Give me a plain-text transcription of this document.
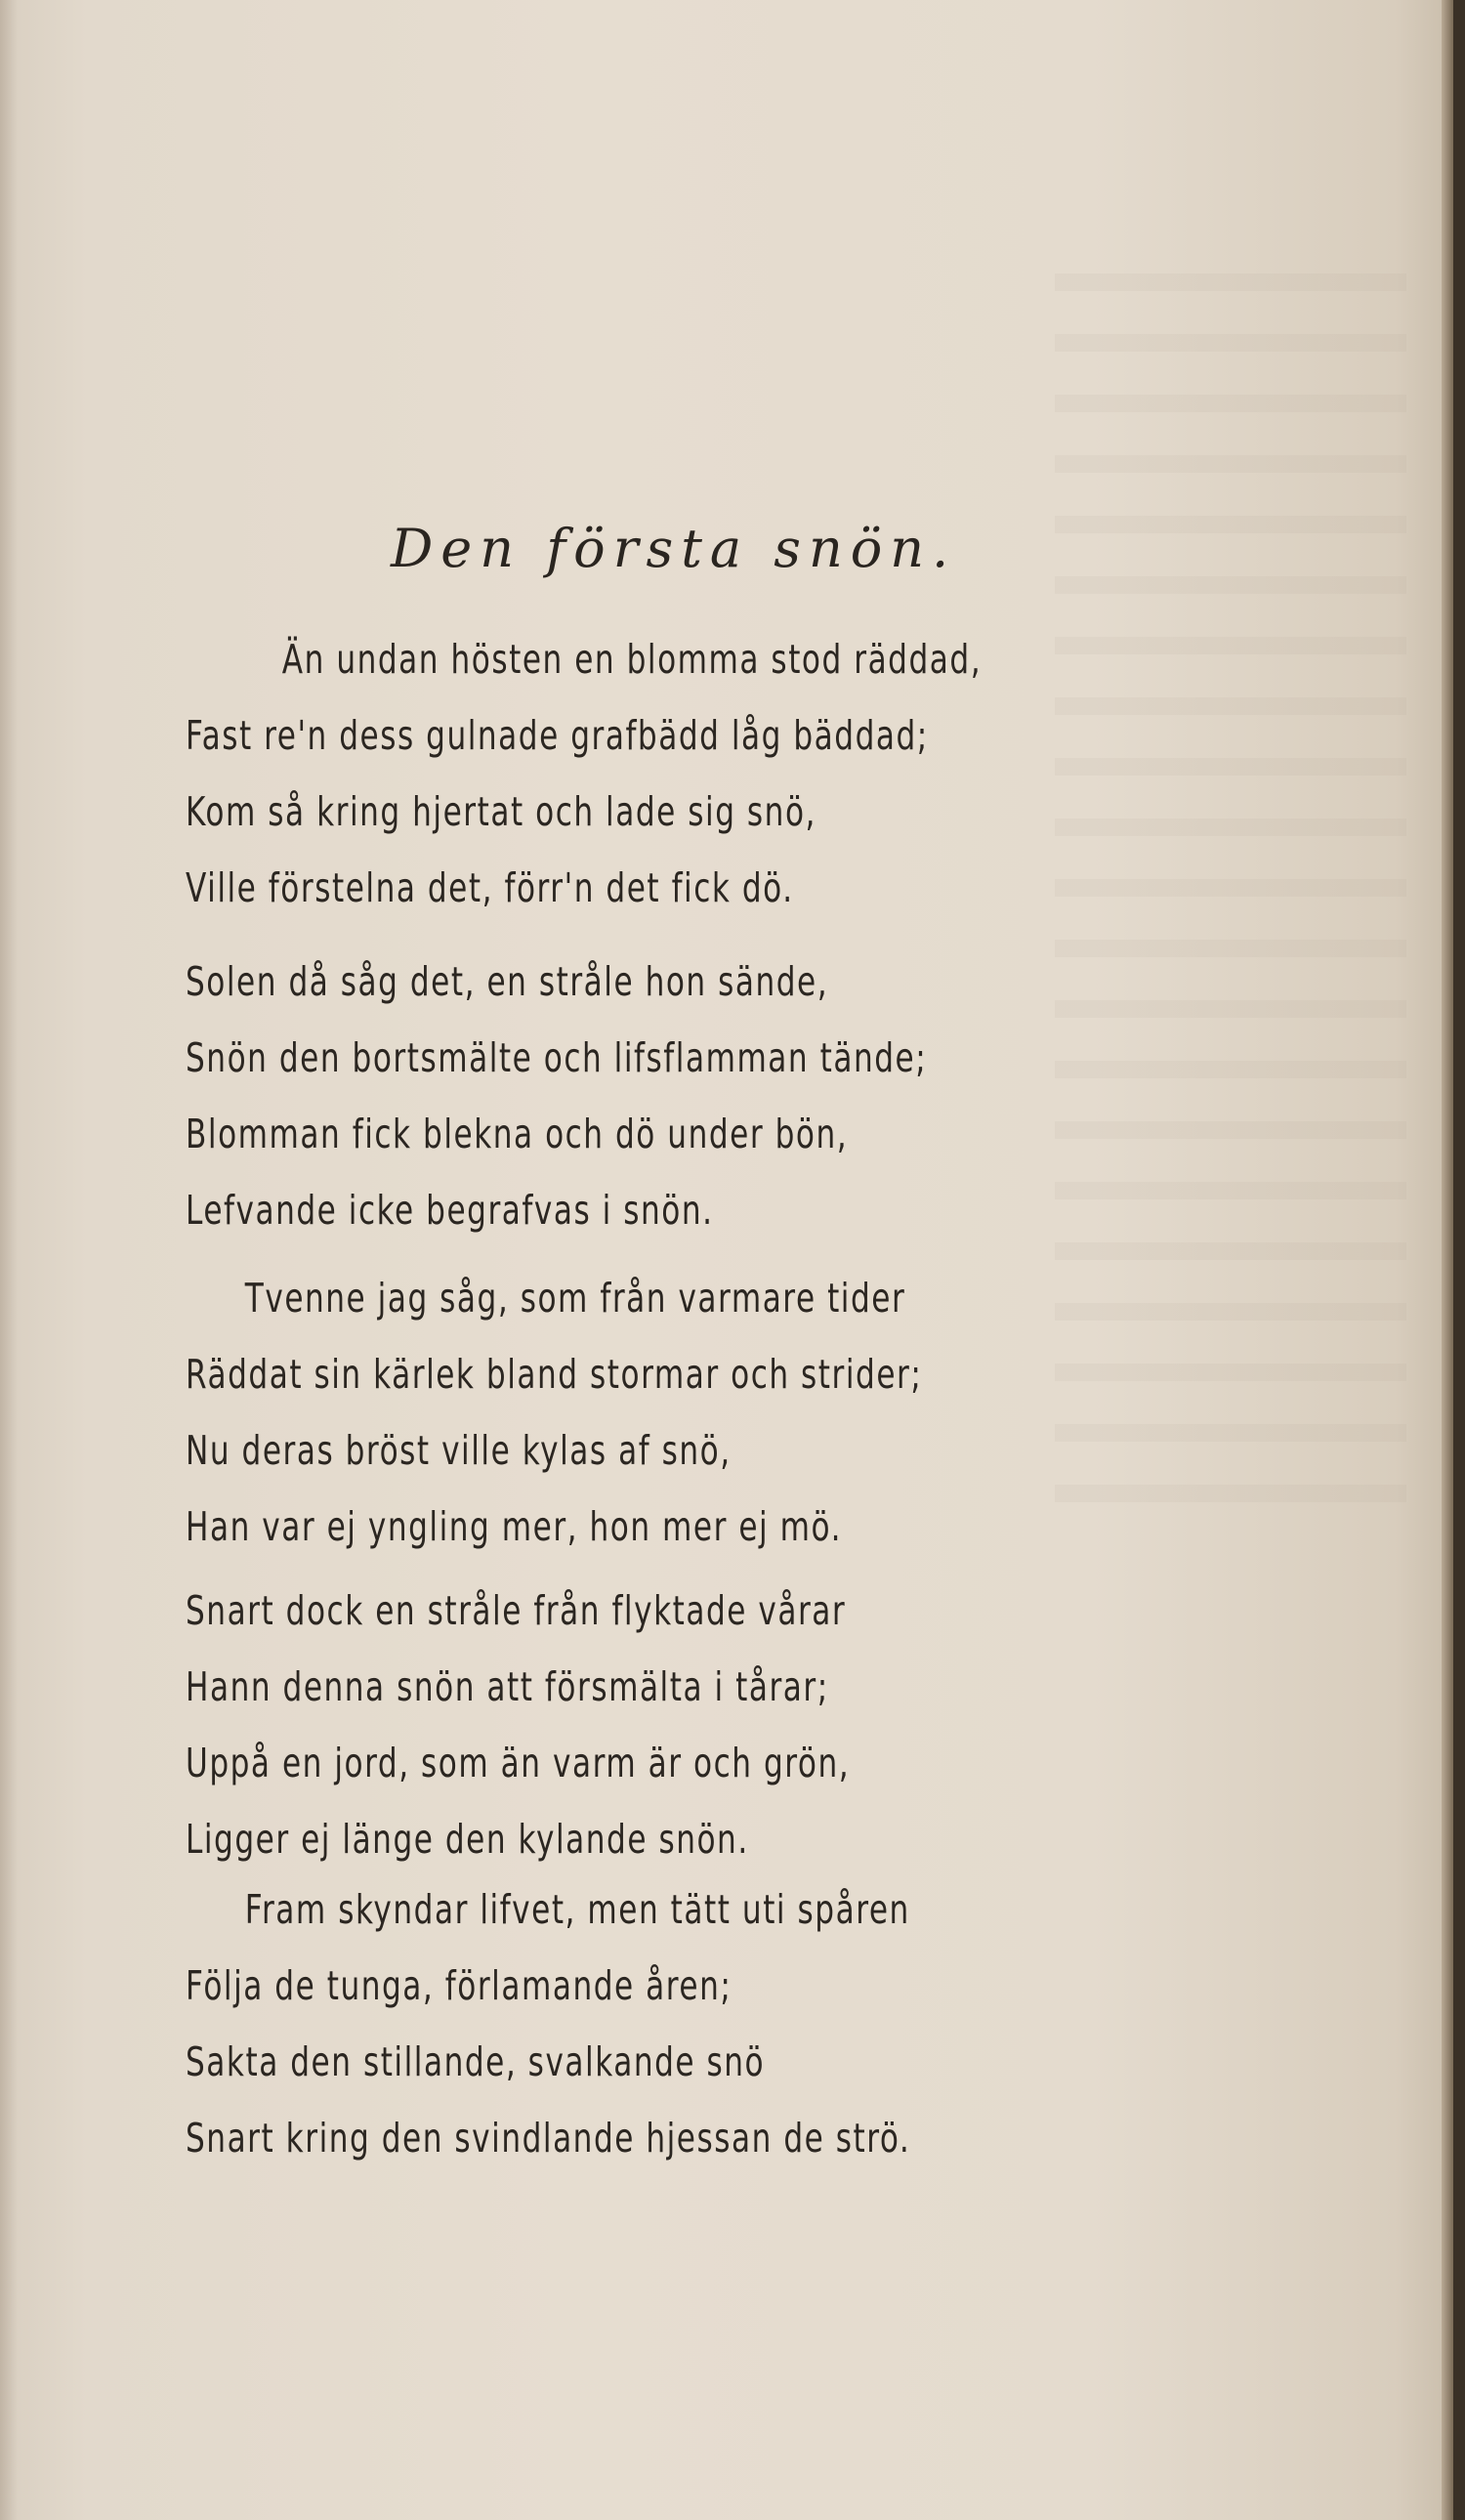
Den första snön.
Än undan hösten en blomma stod räddad,
Fast re'n dess gulnade grafbädd låg bäddad;
Kom så kring hjertat och lade sig snö,
Ville förstelna det, förr'n det fick dö.
Solen då såg det, en stråle hon sände,
Snön den bortsmälte och lifsflamman tände;
Blomman fick blekna och dö under bön,
Lefvande icke begrafvas i snön.
Tvenne jag såg, som från varmare tider
Räddat sin kärlek bland stormar och strider;
Nu deras bröst ville kylas af snö,
Han var ej yngling mer, hon mer ej mö.
Snart dock en stråle från flyktade vårar
Hann denna snön att försmälta i tårar;
Uppå en jord, som än varm är och grön,
Ligger ej länge den kylande snön.
Fram skyndar lifvet, men tätt uti spåren
Följa de tunga, förlamande åren;
Sakta den stillande, svalkande snö
Snart kring den svindlande hjessan de strö.
